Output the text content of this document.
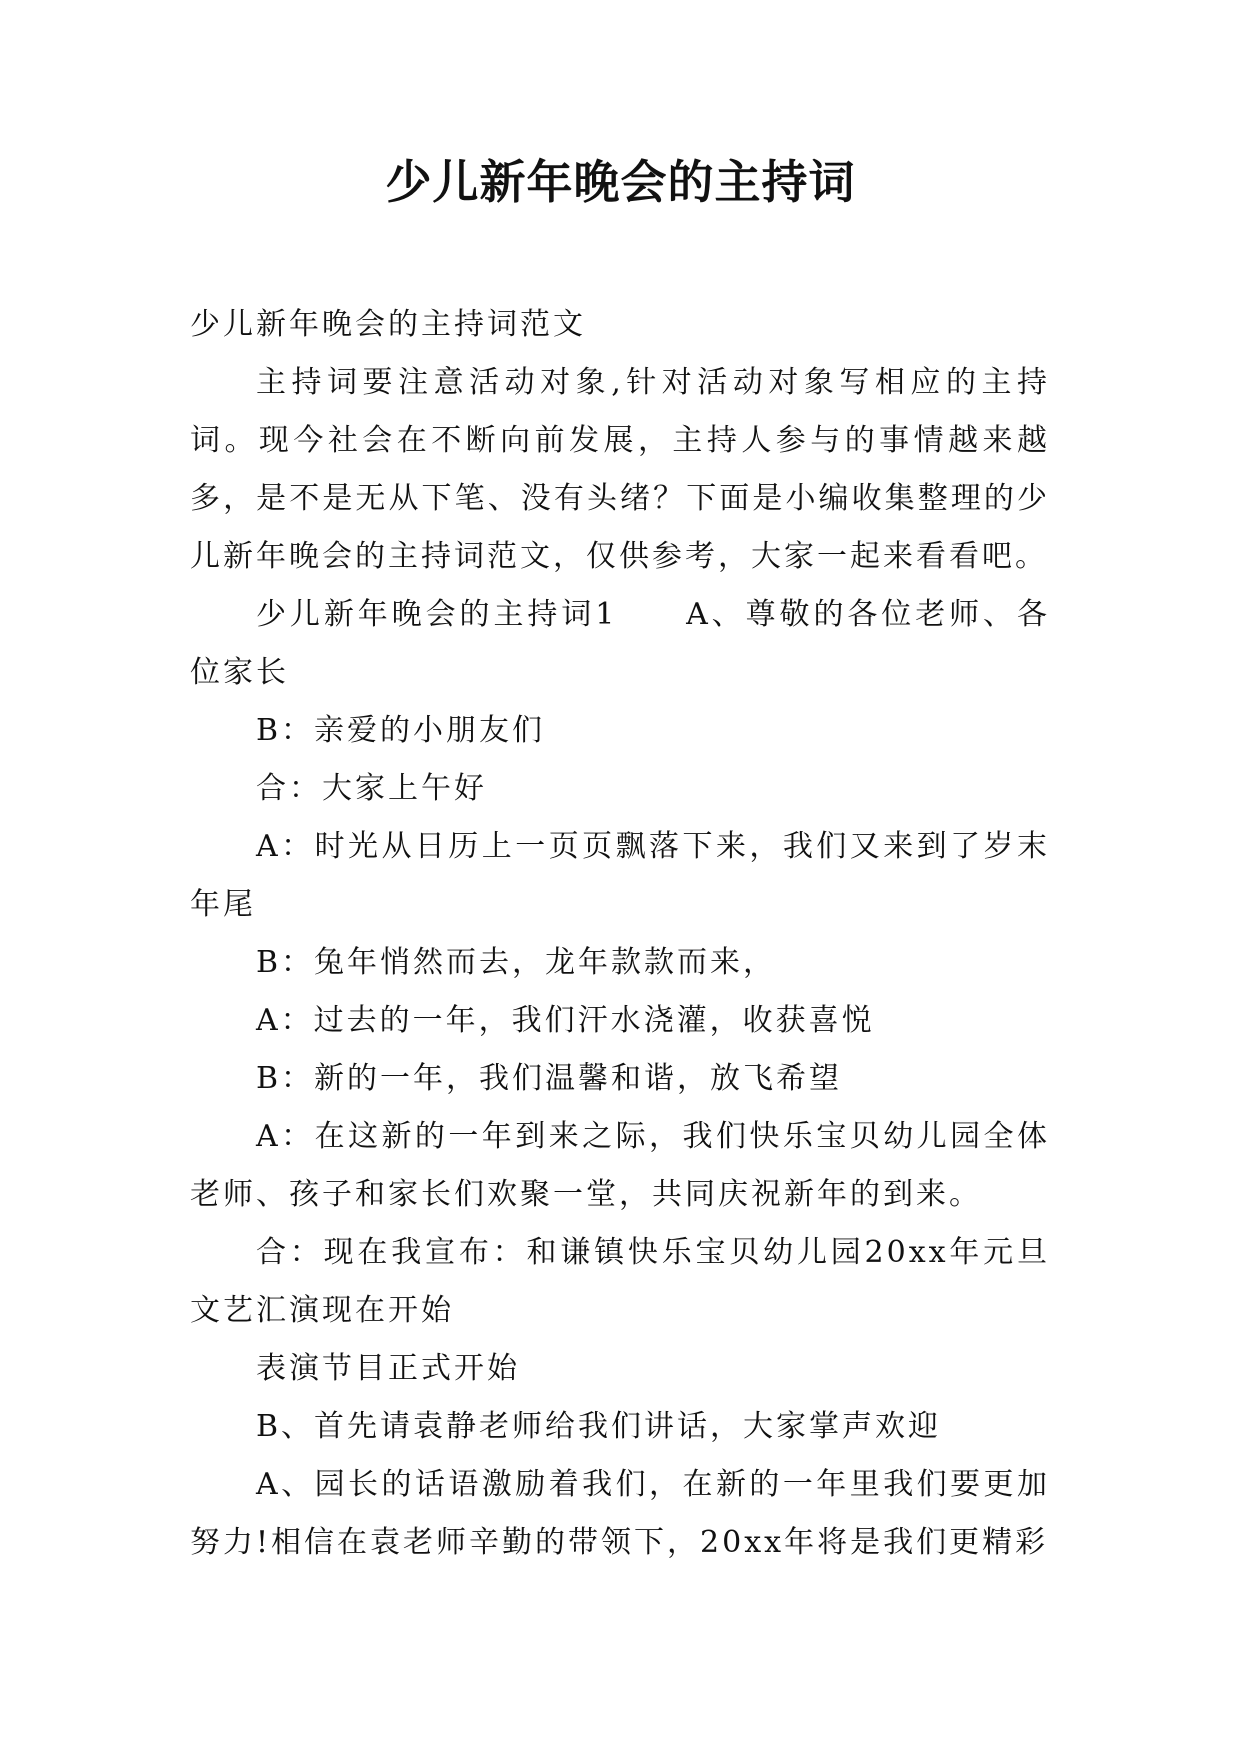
少儿新年晚会的主持词

少儿新年晚会的主持词范文

主持词要注意活动对象,针对活动对象写相应的主持词。现今社会在不断向前发展，主持人参与的事情越来越多，是不是无从下笔、没有头绪？下面是小编收集整理的少儿新年晚会的主持词范文，仅供参考，大家一起来看看吧。

少儿新年晚会的主持词1　　A、尊敬的各位老师、各位家长

B：亲爱的小朋友们

合：大家上午好

A：时光从日历上一页页飘落下来，我们又来到了岁末年尾

B：兔年悄然而去，龙年款款而来，

A：过去的一年，我们汗水浇灌，收获喜悦

B：新的一年，我们温馨和谐，放飞希望

A：在这新的一年到来之际，我们快乐宝贝幼儿园全体老师、孩子和家长们欢聚一堂，共同庆祝新年的到来。

合：现在我宣布：和谦镇快乐宝贝幼儿园20xx年元旦文艺汇演现在开始

表演节目正式开始

B、首先请袁静老师给我们讲话，大家掌声欢迎

A、园长的话语激励着我们，在新的一年里我们要更加努力!相信在袁老师辛勤的带领下，20xx年将是我们更精彩
